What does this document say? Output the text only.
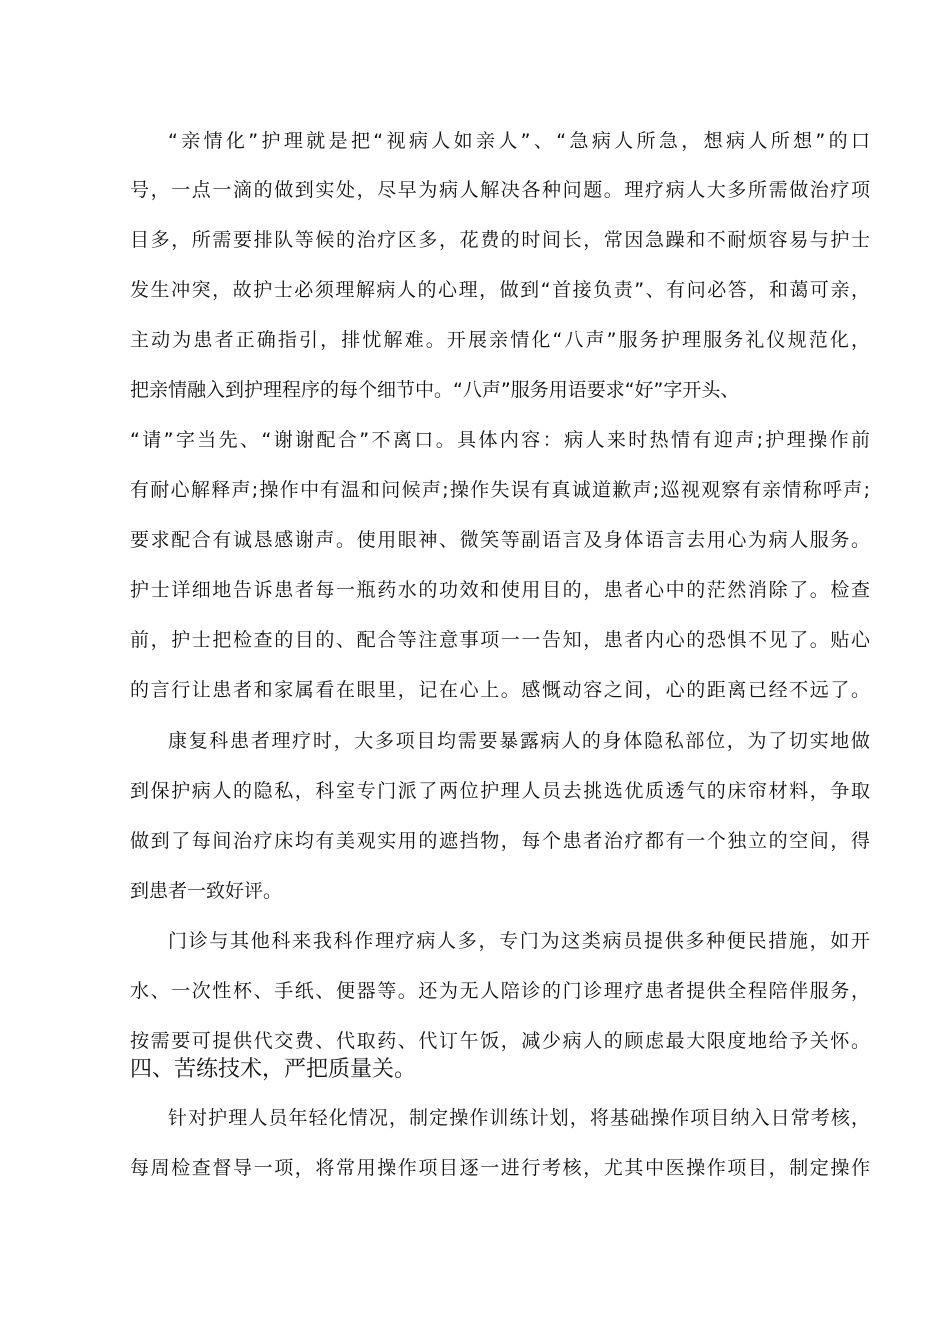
“亲情化”护理就是把“视病人如亲人”、“急病人所急，想病人所想”的口
号，一点一滴的做到实处，尽早为病人解决各种问题。理疗病人大多所需做治疗项
目多，所需要排队等候的治疗区多，花费的时间长，常因急躁和不耐烦容易与护士
发生冲突，故护士必须理解病人的心理，做到“首接负责”、有问必答，和蔼可亲，
主动为患者正确指引，排忧解难。开展亲情化“八声”服务护理服务礼仪规范化，
把亲情融入到护理程序的每个细节中。“八声”服务用语要求“好”字开头、
“请”字当先、“谢谢配合”不离口。具体内容：病人来时热情有迎声;护理操作前
有耐心解释声;操作中有温和问候声;操作失误有真诚道歉声;巡视观察有亲情称呼声;
要求配合有诚恳感谢声。使用眼神、微笑等副语言及身体语言去用心为病人服务。
护士详细地告诉患者每一瓶药水的功效和使用目的，患者心中的茫然消除了。检查
前，护士把检查的目的、配合等注意事项一一告知，患者内心的恐惧不见了。贴心
的言行让患者和家属看在眼里，记在心上。感慨动容之间，心的距离已经不远了。
康复科患者理疗时，大多项目均需要暴露病人的身体隐私部位，为了切实地做
到保护病人的隐私，科室专门派了两位护理人员去挑选优质透气的床帘材料，争取
做到了每间治疗床均有美观实用的遮挡物，每个患者治疗都有一个独立的空间，得
到患者一致好评。
门诊与其他科来我科作理疗病人多，专门为这类病员提供多种便民措施，如开
水、一次性杯、手纸、便器等。还为无人陪诊的门诊理疗患者提供全程陪伴服务，
按需要可提供代交费、代取药、代订午饭，减少病人的顾虑最大限度地给予关怀。
四、苦练技术，严把质量关。
针对护理人员年轻化情况，制定操作训练计划，将基础操作项目纳入日常考核，
每周检查督导一项，将常用操作项目逐一进行考核，尤其中医操作项目，制定操作
